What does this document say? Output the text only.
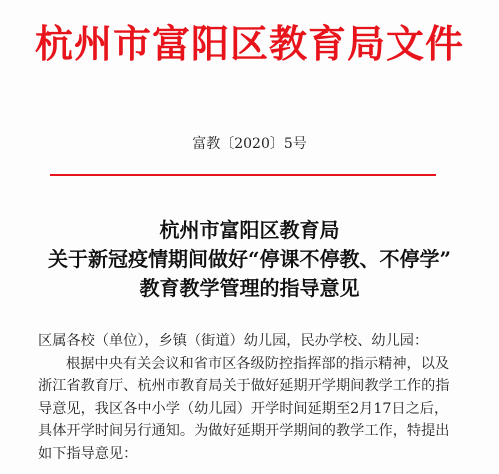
杭州市富阳区教育局文件
富教〔2020〕5号
杭州市富阳区教育局
关于新冠疫情期间做好“停课不停教、不停学”
教育教学管理的指导意见
区属各校（单位），乡镇（街道）幼儿园，民办学校、幼儿园：
根据中央有关会议和省市区各级防控指挥部的指示精神，以及
浙江省教育厅、杭州市教育局关于做好延期开学期间教学工作的指
导意见，我区各中小学（幼儿园）开学时间延期至2月17日之后，
具体开学时间另行通知。为做好延期开学期间的教学工作，特提出
如下指导意见：
